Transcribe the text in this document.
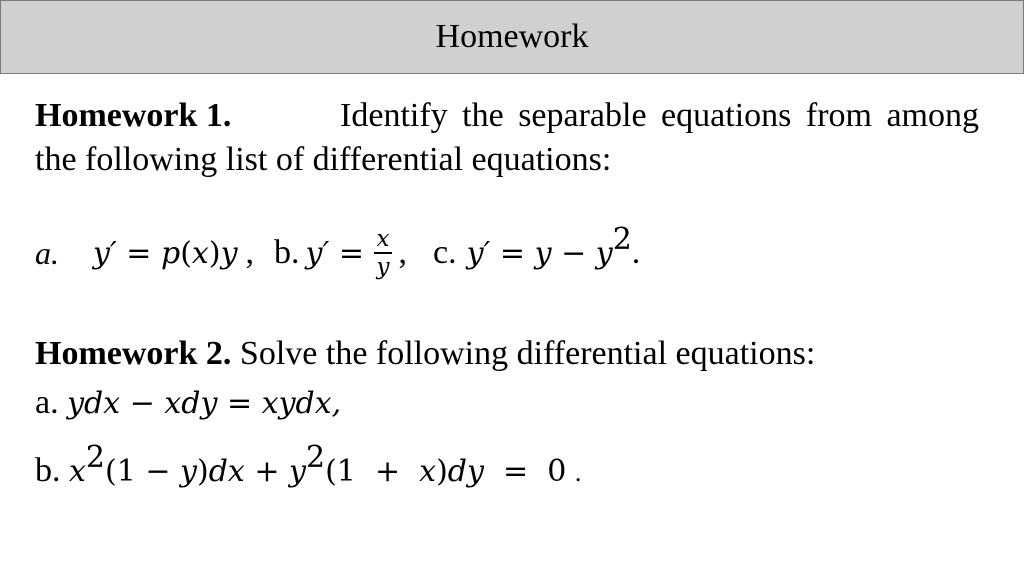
Homework
Homework 1.	Identify the separable equations from among
the following list of differential equations:
a. y′ = p(x)y , b. $y' = \frac{x}{y}$ , c. $y' = y - y^2$ .
Homework 2. Solve the following differential equations:
a. ydx − xdy = xydx,
b. $x^2(1 - y)dx + y^2(1 + x)dy = 0$ .
